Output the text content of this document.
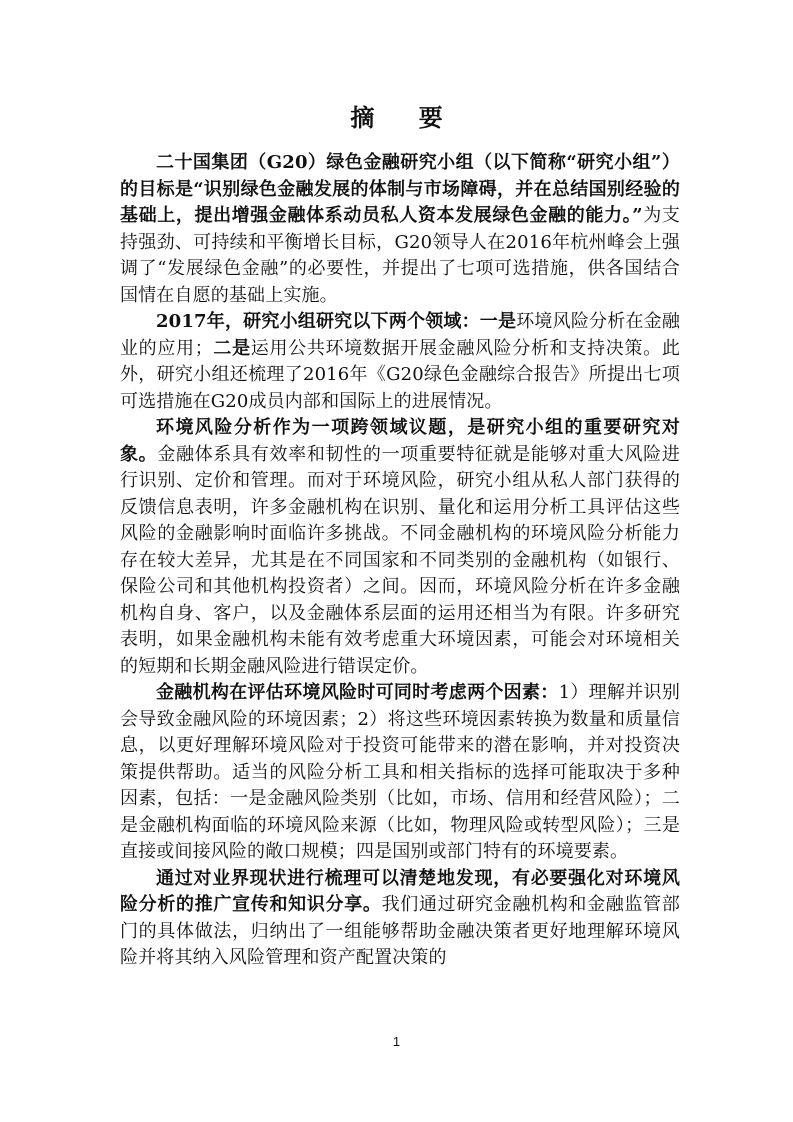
摘 要

二十国集团（G20）绿色金融研究小组（以下简称“研究小组”）的目标是“识别绿色金融发展的体制与市场障碍，并在总结国别经验的基础上，提出增强金融体系动员私人资本发展绿色金融的能力。”为支持强劲、可持续和平衡增长目标，G20领导人在2016年杭州峰会上强调了“发展绿色金融”的必要性，并提出了七项可选措施，供各国结合国情在自愿的基础上实施。

2017年，研究小组研究以下两个领域：一是环境风险分析在金融业的应用；二是运用公共环境数据开展金融风险分析和支持决策。此外，研究小组还梳理了2016年《G20绿色金融综合报告》所提出七项可选措施在G20成员内部和国际上的进展情况。

环境风险分析作为一项跨领域议题，是研究小组的重要研究对象。金融体系具有效率和韧性的一项重要特征就是能够对重大风险进行识别、定价和管理。而对于环境风险，研究小组从私人部门获得的反馈信息表明，许多金融机构在识别、量化和运用分析工具评估这些风险的金融影响时面临许多挑战。不同金融机构的环境风险分析能力存在较大差异，尤其是在不同国家和不同类别的金融机构（如银行、保险公司和其他机构投资者）之间。因而，环境风险分析在许多金融机构自身、客户，以及金融体系层面的运用还相当为有限。许多研究表明，如果金融机构未能有效考虑重大环境因素，可能会对环境相关的短期和长期金融风险进行错误定价。

金融机构在评估环境风险时可同时考虑两个因素：1）理解并识别会导致金融风险的环境因素；2）将这些环境因素转换为数量和质量信息，以更好理解环境风险对于投资可能带来的潜在影响，并对投资决策提供帮助。适当的风险分析工具和相关指标的选择可能取决于多种因素，包括：一是金融风险类别（比如，市场、信用和经营风险）；二是金融机构面临的环境风险来源（比如，物理风险或转型风险）；三是直接或间接风险的敞口规模；四是国别或部门特有的环境要素。

通过对业界现状进行梳理可以清楚地发现，有必要强化对环境风险分析的推广宣传和知识分享。我们通过研究金融机构和金融监管部门的具体做法，归纳出了一组能够帮助金融决策者更好地理解环境风险并将其纳入风险管理和资产配置决策的

1
